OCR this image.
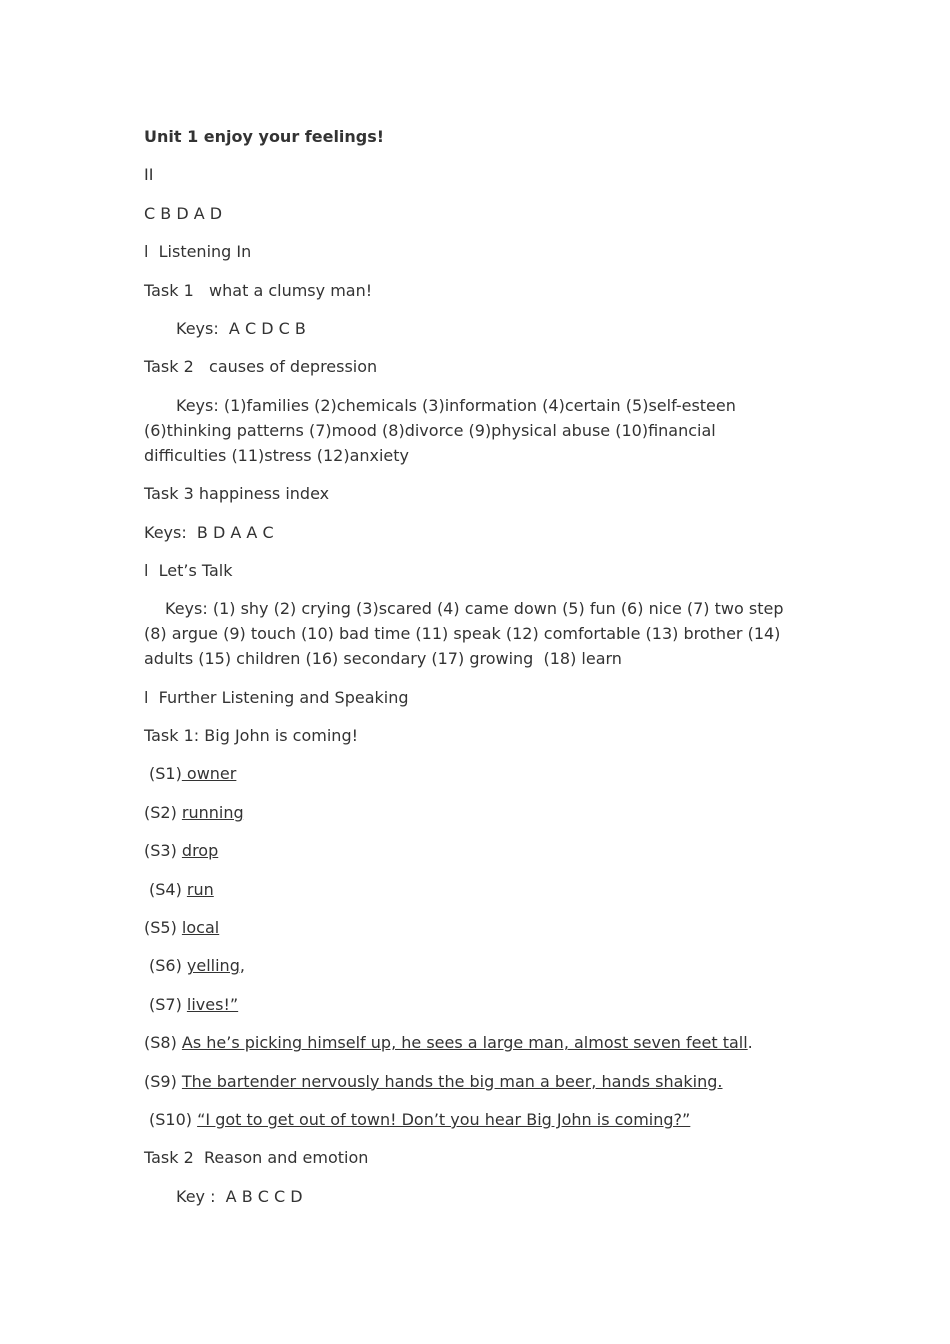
Unit 1 enjoy your feelings!

II

C B D A D

l  Listening In

Task 1   what a clumsy man!

Keys:  A C D C B

Task 2   causes of depression

Keys: (1)families (2)chemicals (3)information (4)certain (5)self-esteen (6)thinking patterns (7)mood (8)divorce (9)physical abuse (10)financial difficulties (11)stress (12)anxiety

Task 3 happiness index

Keys:  B D A A C

l  Let’s Talk

Keys: (1) shy (2) crying (3)scared (4) came down (5) fun (6) nice (7) two step (8) argue (9) touch (10) bad time (11) speak (12) comfortable (13) brother (14) adults (15) children (16) secondary (17) growing  (18) learn

l  Further Listening and Speaking

Task 1: Big John is coming!

(S1) owner

(S2) running

(S3) drop

(S4) run

(S5) local

(S6) yelling,

(S7) lives!”

(S8) As he’s picking himself up, he sees a large man, almost seven feet tall.

(S9) The bartender nervously hands the big man a beer, hands shaking.

(S10) “I got to get out of town! Don’t you hear Big John is coming?”

Task 2  Reason and emotion

Key :  A B C C D
